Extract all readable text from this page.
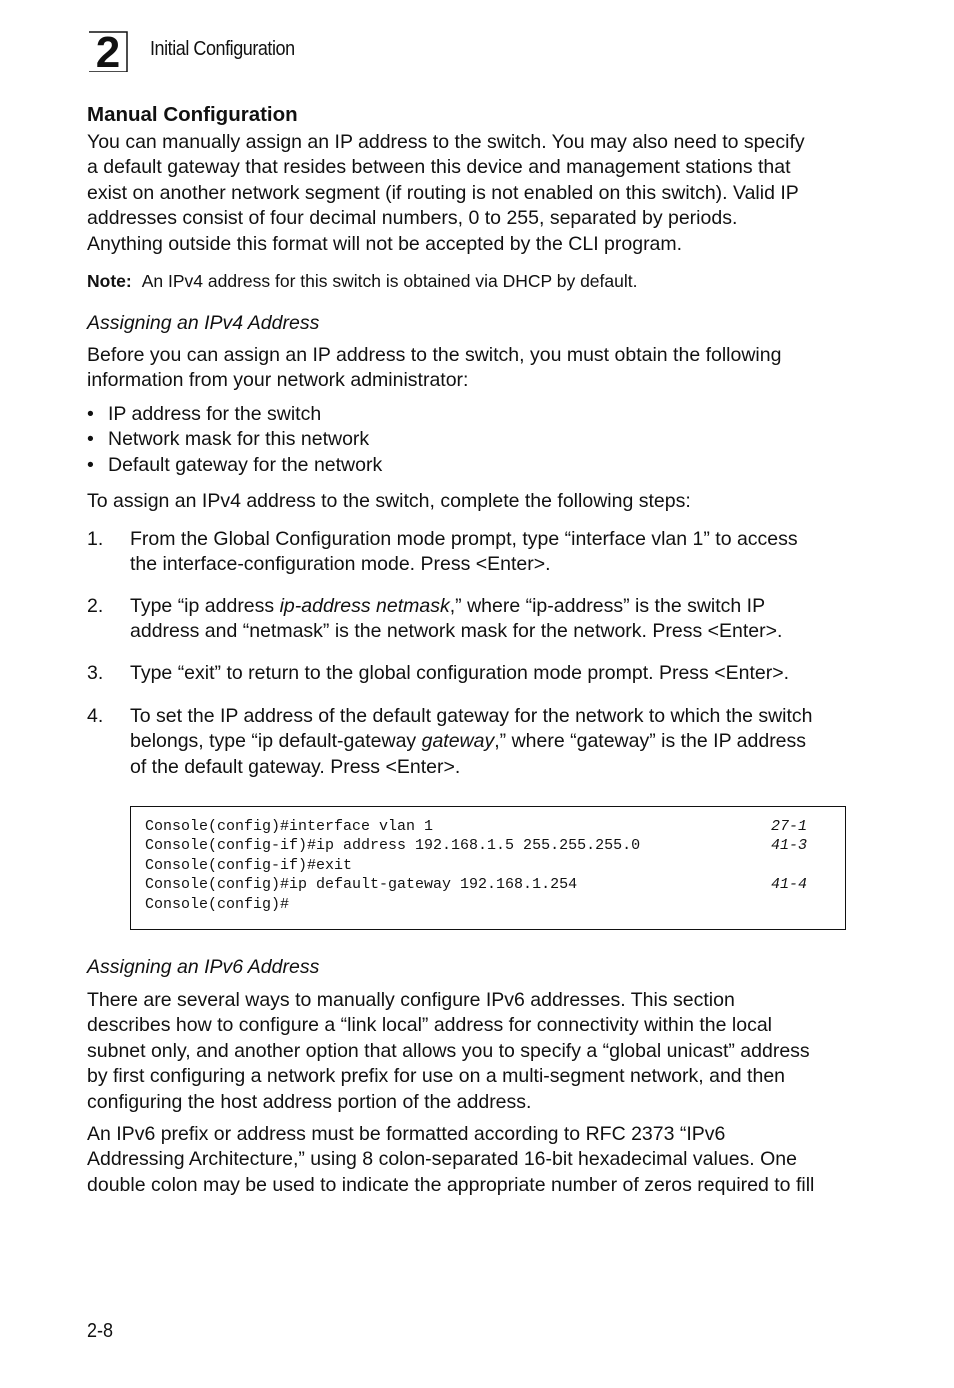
2 Initial Configuration
Manual Configuration
You can manually assign an IP address to the switch. You may also need to specify
a default gateway that resides between this device and management stations that
exist on another network segment (if routing is not enabled on this switch). Valid IP
addresses consist of four decimal numbers, 0 to 255, separated by periods.
Anything outside this format will not be accepted by the CLI program.
Note: An IPv4 address for this switch is obtained via DHCP by default.
Assigning an IPv4 Address
Before you can assign an IP address to the switch, you must obtain the following
information from your network administrator:
• IP address for the switch
• Network mask for this network
• Default gateway for the network
To assign an IPv4 address to the switch, complete the following steps:
1. From the Global Configuration mode prompt, type “interface vlan 1” to access
the interface-configuration mode. Press <Enter>.
2. Type “ip address ip-address netmask,” where “ip-address” is the switch IP
address and “netmask” is the network mask for the network. Press <Enter>.
3. Type “exit” to return to the global configuration mode prompt. Press <Enter>.
4. To set the IP address of the default gateway for the network to which the switch
belongs, type “ip default-gateway gateway,” where “gateway” is the IP address
of the default gateway. Press <Enter>.
Console(config)#interface vlan 1	27-1
Console(config-if)#ip address 192.168.1.5 255.255.255.0	41-3
Console(config-if)#exit
Console(config)#ip default-gateway 192.168.1.254	41-4
Console(config)#
Assigning an IPv6 Address
There are several ways to manually configure IPv6 addresses. This section
describes how to configure a “link local” address for connectivity within the local
subnet only, and another option that allows you to specify a “global unicast” address
by first configuring a network prefix for use on a multi-segment network, and then
configuring the host address portion of the address.
An IPv6 prefix or address must be formatted according to RFC 2373 “IPv6
Addressing Architecture,” using 8 colon-separated 16-bit hexadecimal values. One
double colon may be used to indicate the appropriate number of zeros required to fill
2-8
